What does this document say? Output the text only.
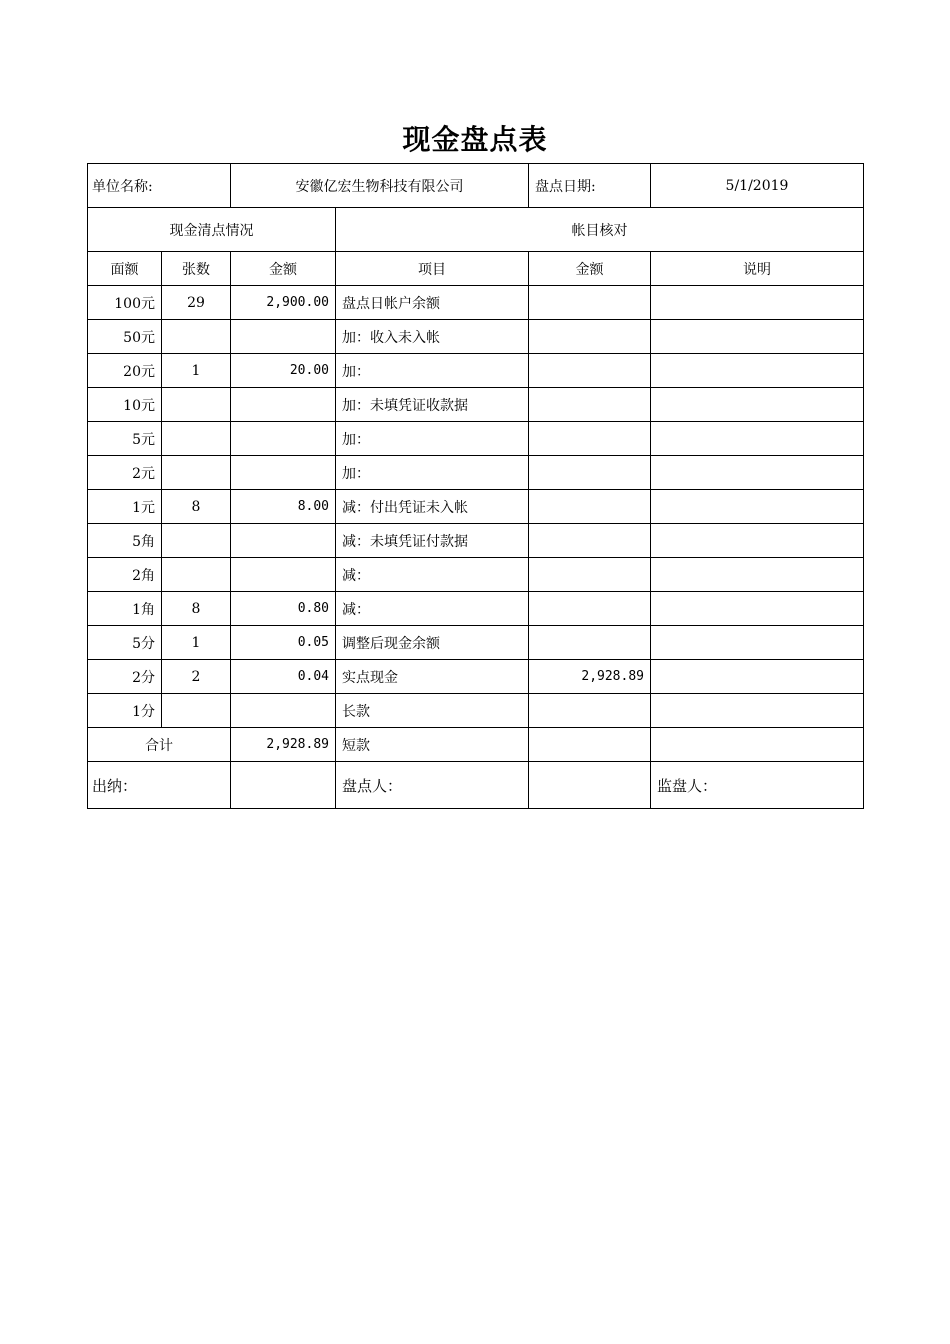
现金盘点表
单位名称:		安徽亿宏生物科技有限公司		盘点日期:	5/1/2019
现金清点情况			帐目核对		
面额	张数	金额	项目	金额	说明
100元	29	2,900.00	盘点日帐户余额		
50元			加：收入未入帐		
20元	1	20.00	加：		
10元			加：未填凭证收款据		
5元			加：		
2元			加：		
1元	8	8.00	减：付出凭证未入帐		
5角			减：未填凭证付款据		
2角			减：		
1角	8	0.80	减：		
5分	1	0.05	调整后现金余额		
2分	2	0.04	实点现金	2,928.89	
1分			长款		
合计		2,928.89	短款		
出纳：			盘点人：		监盘人：
